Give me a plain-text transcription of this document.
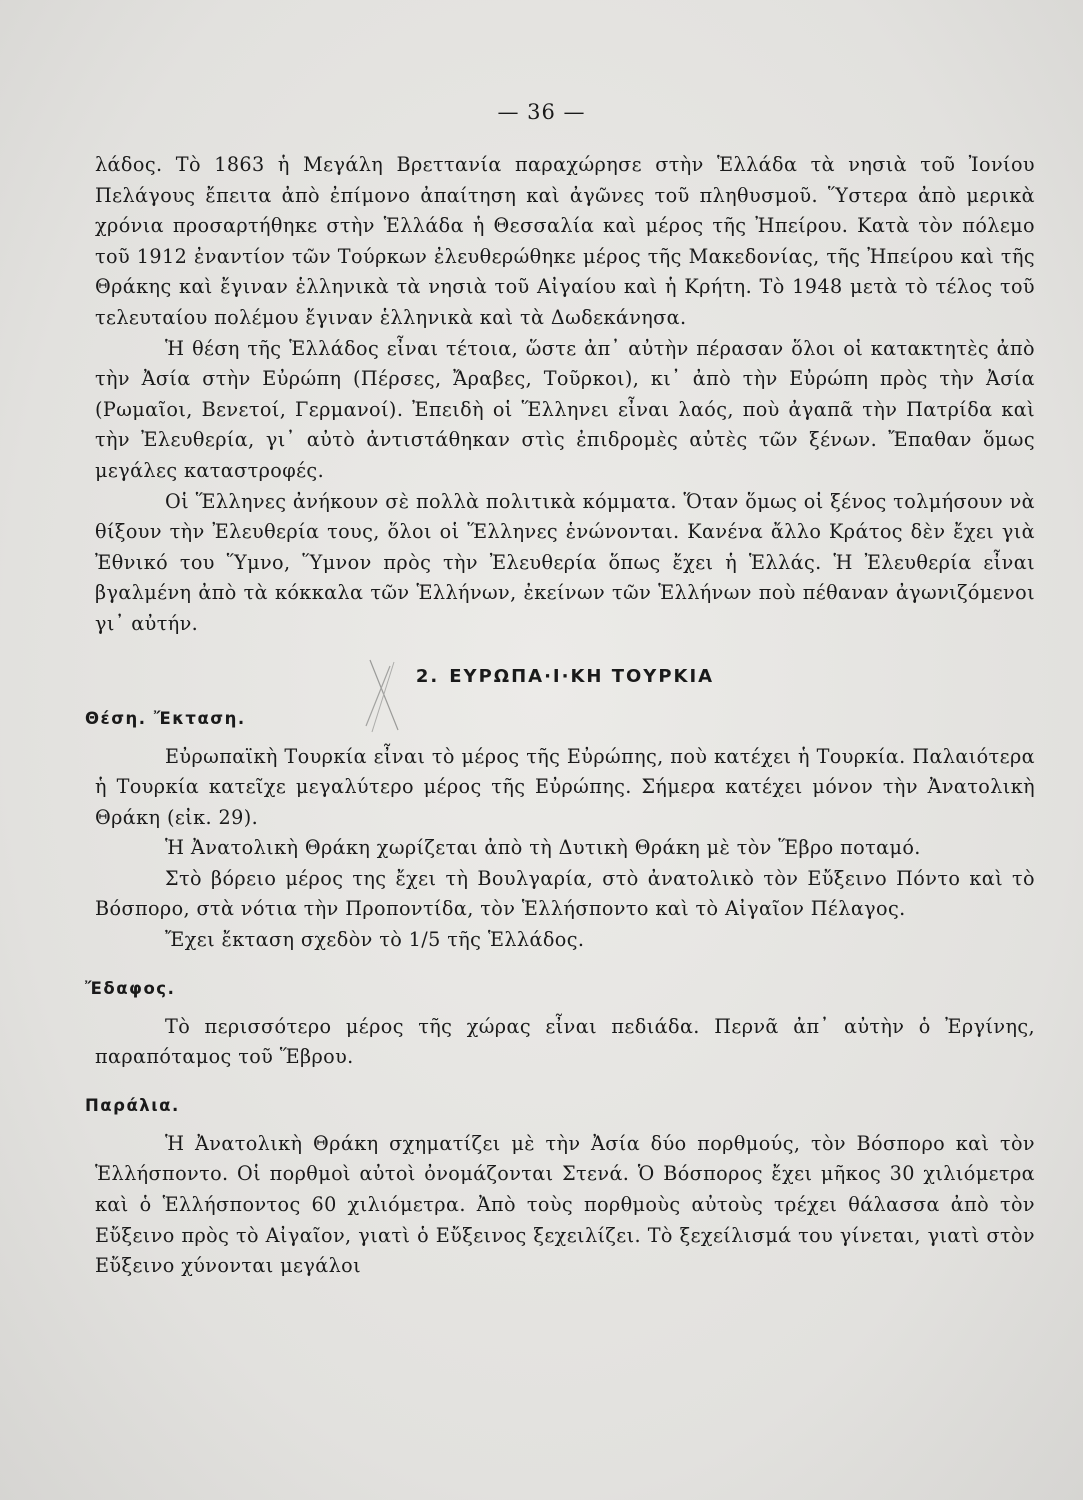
— 36 —

λάδος. Τὸ 1863 ἡ Μεγάλη Βρεττανία παραχώρησε στὴν Ἑλλάδα τὰ νησιὰ τοῦ Ἰονίου Πελάγους ἔπειτα ἀπὸ ἐπίμονο ἀπαίτηση καὶ ἀγῶνες τοῦ πληθυσμοῦ. Ὕστερα ἀπὸ μερικὰ χρόνια προσαρτήθηκε στὴν Ἑλλάδα ἡ Θεσσαλία καὶ μέρος τῆς Ἠπείρου. Κατὰ τὸν πόλεμο τοῦ 1912 ἐναντίον τῶν Τούρκων ἐλευθερώθηκε μέρος τῆς Μακεδονίας, τῆς Ἠπείρου καὶ τῆς Θράκης καὶ ἔγιναν ἑλληνικὰ τὰ νησιὰ τοῦ Αἰγαίου καὶ ἡ Κρήτη. Τὸ 1948 μετὰ τὸ τέλος τοῦ τελευταίου πολέμου ἔγιναν ἑλληνικὰ καὶ τὰ Δωδεκάνησα.

Ἡ θέση τῆς Ἑλλάδος εἶναι τέτοια, ὥστε ἀπ᾽ αὐτὴν πέρασαν ὅλοι οἱ κατακτητὲς ἀπὸ τὴν Ἀσία στὴν Εὐρώπη (Πέρσες, Ἄραβες, Τοῦρκοι), κι᾽ ἀπὸ τὴν Εὐρώπη πρὸς τὴν Ἀσία (Ρωμαῖοι, Βενετοί, Γερμανοί). Ἐπειδὴ οἱ Ἕλληνει εἶναι λαός, ποὺ ἀγαπᾶ τὴν Πατρίδα καὶ τὴν Ἐλευθερία, γι᾽ αὐτὸ ἀντιστάθηκαν στὶς ἐπιδρομὲς αὐτὲς τῶν ξένων. Ἔπαθαν ὅμως μεγάλες καταστροφές.

Οἱ Ἕλληνες ἀνήκουν σὲ πολλὰ πολιτικὰ κόμματα. Ὅταν ὅμως οἱ ξένος τολμήσουν νὰ θίξουν τὴν Ἐλευθερία τους, ὅλοι οἱ Ἕλληνες ἑνώνονται. Κανένα ἄλλο Κράτος δὲν ἔχει γιὰ Ἐθνικό του Ὕμνο, Ὕμνον πρὸς τὴν Ἐλευθερία ὅπως ἔχει ἡ Ἑλλάς. Ἡ Ἐλευθερία εἶναι βγαλμένη ἀπὸ τὰ κόκκαλα τῶν Ἑλλήνων, ἐκείνων τῶν Ἑλλήνων ποὺ πέθαναν ἀγωνιζόμενοι γι᾽ αὐτήν.

2. ΕΥΡΩΠΑ·Ι·ΚΗ ΤΟΥΡΚΙΑ
Θέση. Ἔκταση.

Εὐρωπαϊκὴ Τουρκία εἶναι τὸ μέρος τῆς Εὐρώπης, ποὺ κατέχει ἡ Τουρκία. Παλαιότερα ἡ Τουρκία κατεῖχε μεγαλύτερο μέρος τῆς Εὐρώπης. Σήμερα κατέχει μόνον τὴν Ἀνατολικὴ Θράκη (εἰκ. 29).

Ἡ Ἀνατολικὴ Θράκη χωρίζεται ἀπὸ τὴ Δυτικὴ Θράκη μὲ τὸν Ἕβρο ποταμό.

Στὸ βόρειο μέρος της ἔχει τὴ Βουλγαρία, στὸ ἀνατολικὸ τὸν Εὔξεινο Πόντο καὶ τὸ Βόσπορο, στὰ νότια τὴν Προποντίδα, τὸν Ἑλλήσποντο καὶ τὸ Αἰγαῖον Πέλαγος.

Ἔχει ἔκταση σχεδὸν τὸ 1/5 τῆς Ἑλλάδος.

Ἔδαφος.

Τὸ περισσότερο μέρος τῆς χώρας εἶναι πεδιάδα. Περνᾶ ἀπ᾽ αὐτὴν ὁ Ἐργίνης, παραπόταμος τοῦ Ἕβρου.

Παράλια.

Ἡ Ἀνατολικὴ Θράκη σχηματίζει μὲ τὴν Ἀσία δύο πορθμούς, τὸν Βόσπορο καὶ τὸν Ἑλλήσποντο. Οἱ πορθμοὶ αὐτοὶ ὀνομάζονται Στενά. Ὁ Βόσπορος ἔχει μῆκος 30 χιλιόμετρα καὶ ὁ Ἑλλήσποντος 60 χιλιόμετρα. Ἀπὸ τοὺς πορθμοὺς αὐτοὺς τρέχει θάλασσα ἀπὸ τὸν Εὔξεινο πρὸς τὸ Αἰγαῖον, γιατὶ ὁ Εὔξεινος ξεχειλίζει. Τὸ ξεχείλισμά του γίνεται, γιατὶ στὸν Εὔξεινο χύνονται μεγάλοι
